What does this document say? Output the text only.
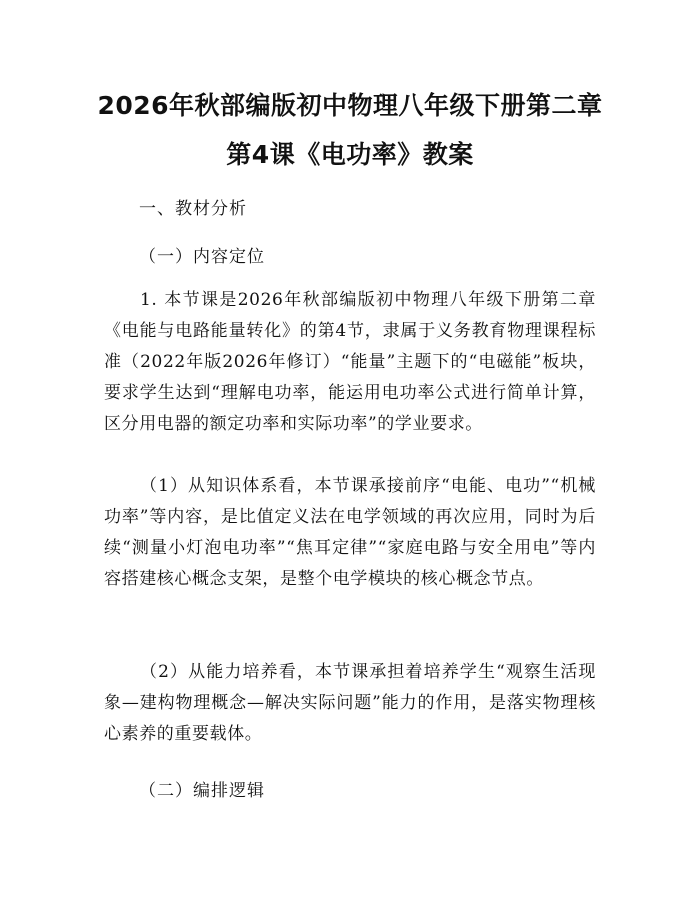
2026年秋部编版初中物理八年级下册第二章
第4课《电功率》教案

一、教材分析

（一）内容定位

1. 本节课是2026年秋部编版初中物理八年级下册第二章《电能与电路能量转化》的第4节，隶属于义务教育物理课程标准（2022年版2026年修订）“能量”主题下的“电磁能”板块，要求学生达到“理解电功率，能运用电功率公式进行简单计算，区分用电器的额定功率和实际功率”的学业要求。

（1）从知识体系看，本节课承接前序“电能、电功”“机械功率”等内容，是比值定义法在电学领域的再次应用，同时为后续“测量小灯泡电功率”“焦耳定律”“家庭电路与安全用电”等内容搭建核心概念支架，是整个电学模块的核心概念节点。

（2）从能力培养看，本节课承担着培养学生“观察生活现象—建构物理概念—解决实际问题”能力的作用，是落实物理核心素养的重要载体。

（二）编排逻辑
